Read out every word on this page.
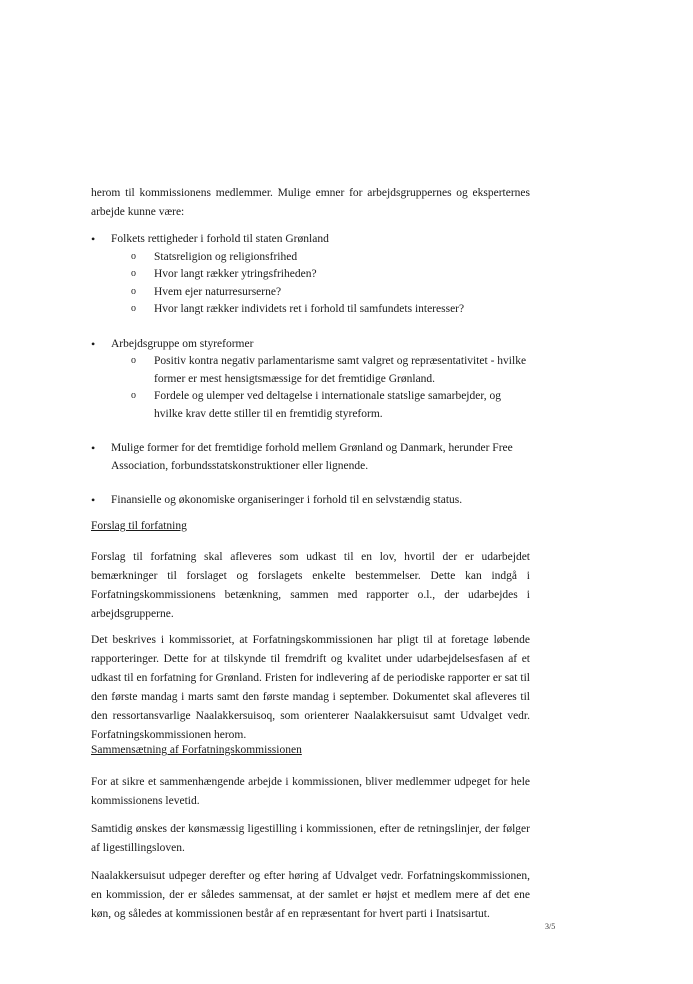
herom til kommissionens medlemmer. Mulige emner for arbejdsgruppernes og eksperternes arbejde kunne være:

• Folkets rettigheder i forhold til staten Grønland
o Statsreligion og religionsfrihed
o Hvor langt rækker ytringsfriheden?
o Hvem ejer naturresurserne?
o Hvor langt rækker individets ret i forhold til samfundets interesser?
• Arbejdsgruppe om styreformer
o Positiv kontra negativ parlamentarisme samt valgret og repræsentativitet - hvilke former er mest hensigtsmæssige for det fremtidige Grønland.
o Fordele og ulemper ved deltagelse i internationale statslige samarbejder, og hvilke krav dette stiller til en fremtidig styreform.
• Mulige former for det fremtidige forhold mellem Grønland og Danmark, herunder Free Association, forbundsstatskonstruktioner eller lignende.
• Finansielle og økonomiske organiseringer i forhold til en selvstændig status.
Forslag til forfatning

Forslag til forfatning skal afleveres som udkast til en lov, hvortil der er udarbejdet bemærkninger til forslaget og forslagets enkelte bestemmelser. Dette kan indgå i Forfatningskommissionens betænkning, sammen med rapporter o.l., der udarbejdes i arbejdsgrupperne.

Det beskrives i kommissoriet, at Forfatningskommissionen har pligt til at foretage løbende rapporteringer. Dette for at tilskynde til fremdrift og kvalitet under udarbejdelsesfasen af et udkast til en forfatning for Grønland. Fristen for indlevering af de periodiske rapporter er sat til den første mandag i marts samt den første mandag i september. Dokumentet skal afleveres til den ressortansvarlige Naalakkersuisoq, som orienterer Naalakkersuisut samt Udvalget vedr. Forfatningskommissionen herom.

Sammensætning af Forfatningskommissionen

For at sikre et sammenhængende arbejde i kommissionen, bliver medlemmer udpeget for hele kommissionens levetid.

Samtidig ønskes der kønsmæssig ligestilling i kommissionen, efter de retningslinjer, der følger af ligestillingsloven.

Naalakkersuisut udpeger derefter og efter høring af Udvalget vedr. Forfatningskommissionen, en kommission, der er således sammensat, at der samlet er højst et medlem mere af det ene køn, og således at kommissionen består af en repræsentant for hvert parti i Inatsisartut.

3/5
